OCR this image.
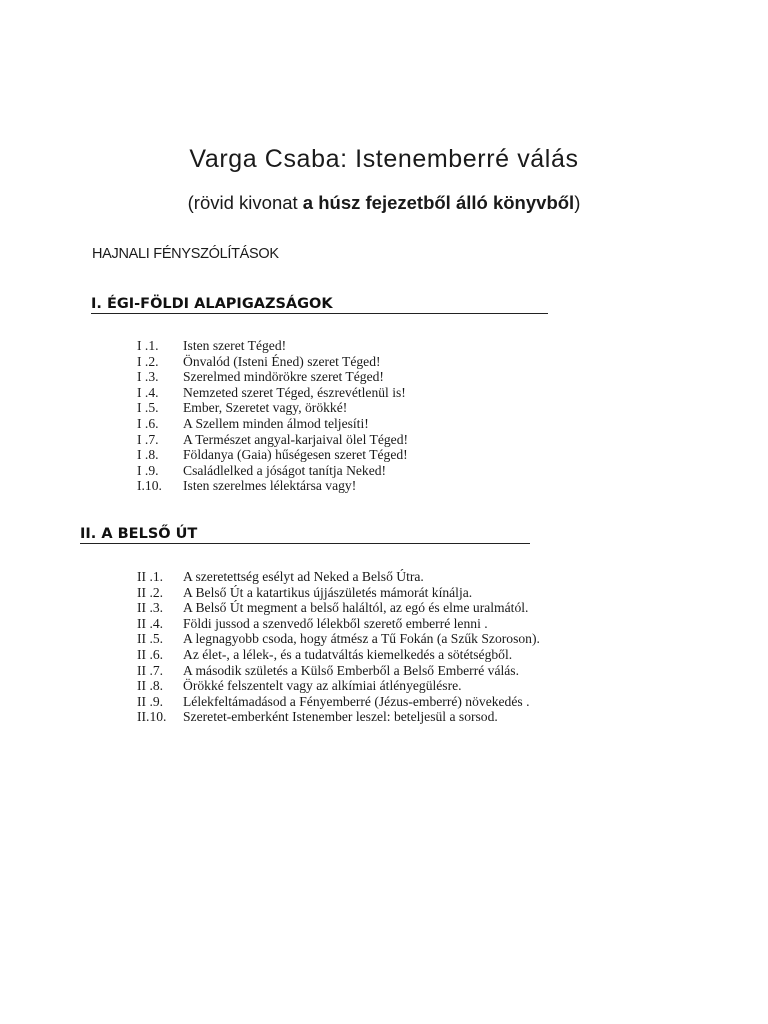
Varga Csaba: Istenemberré válás
(rövid kivonat a húsz fejezetből álló könyvből)
HAJNALI FÉNYSZÓLÍTÁSOK
I. ÉGI-FÖLDI ALAPIGAZSÁGOK
I .1. Isten szeret Téged!
I .2. Önvalód (Isteni Éned) szeret Téged!
I .3. Szerelmed mindörökre szeret Téged!
I .4. Nemzeted szeret Téged, észrevétlenül is!
I .5. Ember, Szeretet vagy, örökké!
I .6. A Szellem minden álmod teljesíti!
I .7. A Természet angyal-karjaival ölel Téged!
I .8. Földanya (Gaia) hűségesen szeret Téged!
I .9. Családlelked a jóságot tanítja Neked!
I.10. Isten szerelmes lélektársa vagy!
II. A BELSŐ ÚT
II .1. A szeretettség esélyt ad Neked a Belső Útra.
II .2. A Belső Út a katartikus újjászületés mámorát kínálja.
II .3. A Belső Út megment a belső haláltól, az egó és elme uralmától.
II .4. Földi jussod a szenvedő lélekből szerető emberré lenni .
II .5. A legnagyobb csoda, hogy átmész a Tű Fokán (a Szűk Szoroson).
II .6. Az élet-, a lélek-, és a tudatváltás kiemelkedés a sötétségből.
II .7. A második születés a Külső Emberből a Belső Emberré válás.
II .8. Örökké felszentelt vagy az alkímiai átlényegülésre.
II .9. Lélekfeltámadásod a Fényemberré (Jézus-emberré) növekedés .
II.10. Szeretet-emberként Istenember leszel: beteljesül a sorsod.
